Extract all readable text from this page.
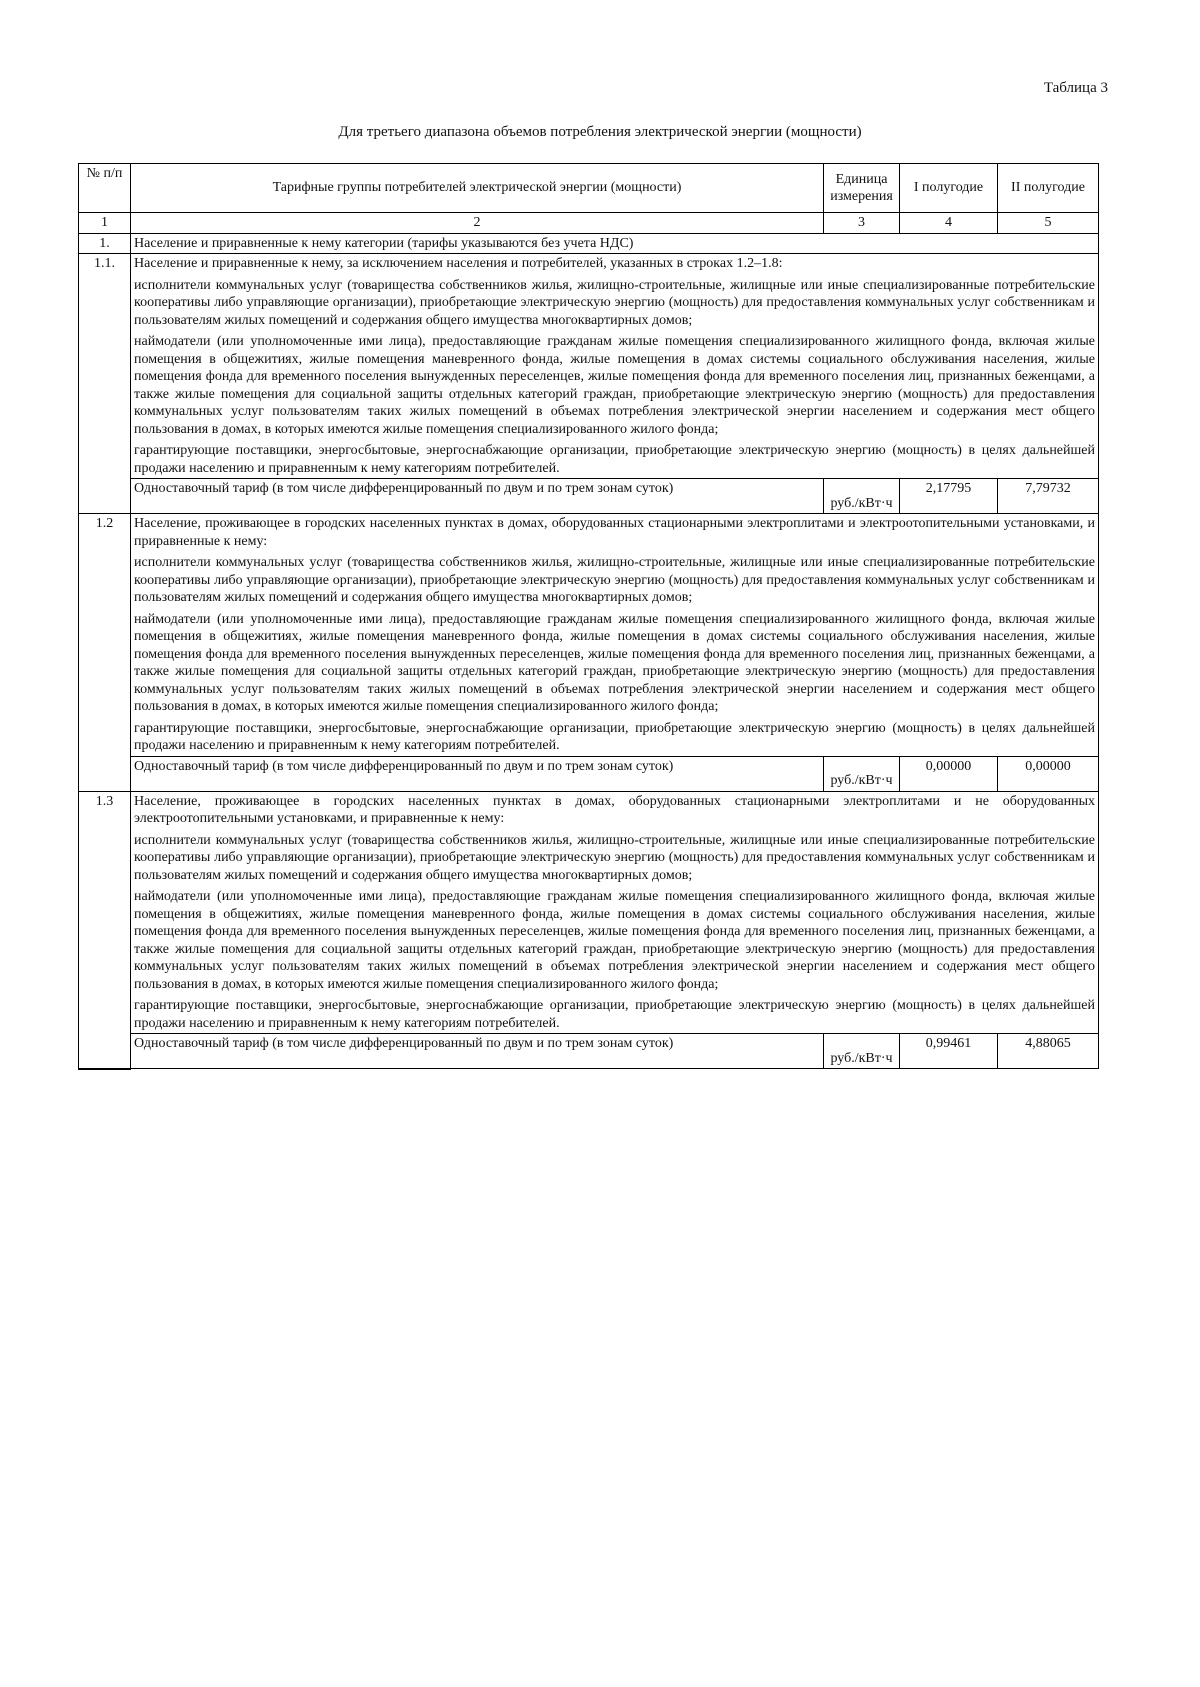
Таблица 3
Для третьего диапазона объемов потребления электрической энергии (мощности)
№ п/п	Тарифные группы потребителей электрической энергии (мощности)	Единица измерения	I полугодие	II полугодие
1	2	3	4	5
1.	Население и приравненные к нему категории (тарифы указываются без учета НДС)			
1.1.	Население и приравненные к нему, за исключением населения и потребителей, указанных в строках 1.2–1.8:

исполнители коммунальных услуг (товарищества собственников жилья, жилищно-строительные, жилищные или иные специализированные потребительские кооперативы либо управляющие организации), приобретающие электрическую энергию (мощность) для предоставления коммунальных услуг собственникам и пользователям жилых помещений и содержания общего имущества многоквартирных домов;

наймодатели (или уполномоченные ими лица), предоставляющие гражданам жилые помещения специализированного жилищного фонда, включая жилые помещения в общежитиях, жилые помещения маневренного фонда, жилые помещения в домах системы социального обслуживания населения, жилые помещения фонда для временного поселения вынужденных переселенцев, жилые помещения фонда для временного поселения лиц, признанных беженцами, а также жилые помещения для социальной защиты отдельных категорий граждан, приобретающие электрическую энергию (мощность) для предоставления коммунальных услуг пользователям таких жилых помещений в объемах потребления электрической энергии населением и содержания мест общего пользования в домах, в которых имеются жилые помещения специализированного жилого фонда;

гарантирующие поставщики, энергосбытовые, энергоснабжающие организации, приобретающие электрическую энергию (мощность) в целях дальнейшей продажи населению и приравненным к нему категориям потребителей.			

	Одноставочный тариф (в том числе дифференцированный по двум и по трем зонам суток)	руб./кВт·ч	2,17795	7,79732
1.2	Население, проживающее в городских населенных пунктах в домах, оборудованных стационарными электроплитами и электроотопительными установками, и приравненные к нему:

исполнители коммунальных услуг (товарищества собственников жилья, жилищно-строительные, жилищные или иные специализированные потребительские кооперативы либо управляющие организации), приобретающие электрическую энергию (мощность) для предоставления коммунальных услуг собственникам и пользователям жилых помещений и содержания общего имущества многоквартирных домов;

наймодатели (или уполномоченные ими лица), предоставляющие гражданам жилые помещения специализированного жилищного фонда, включая жилые помещения в общежитиях, жилые помещения маневренного фонда, жилые помещения в домах системы социального обслуживания населения, жилые помещения фонда для временного поселения вынужденных переселенцев, жилые помещения фонда для временного поселения лиц, признанных беженцами, а также жилые помещения для социальной защиты отдельных категорий граждан, приобретающие электрическую энергию (мощность) для предоставления коммунальных услуг пользователям таких жилых помещений в объемах потребления электрической энергии населением и содержания мест общего пользования в домах, в которых имеются жилые помещения специализированного жилого фонда;

гарантирующие поставщики, энергосбытовые, энергоснабжающие организации, приобретающие электрическую энергию (мощность) в целях дальнейшей продажи населению и приравненным к нему категориям потребителей.			

	Одноставочный тариф (в том числе дифференцированный по двум и по трем зонам суток)	руб./кВт·ч	0,00000	0,00000
1.3	Население, проживающее в городских населенных пунктах в домах, оборудованных стационарными электроплитами и не оборудованных электроотопительными установками, и приравненные к нему:

исполнители коммунальных услуг (товарищества собственников жилья, жилищно-строительные, жилищные или иные специализированные потребительские кооперативы либо управляющие организации), приобретающие электрическую энергию (мощность) для предоставления коммунальных услуг собственникам и пользователям жилых помещений и содержания общего имущества многоквартирных домов;

наймодатели (или уполномоченные ими лица), предоставляющие гражданам жилые помещения специализированного жилищного фонда, включая жилые помещения в общежитиях, жилые помещения маневренного фонда, жилые помещения в домах системы социального обслуживания населения, жилые помещения фонда для временного поселения вынужденных переселенцев, жилые помещения фонда для временного поселения лиц, признанных беженцами, а также жилые помещения для социальной защиты отдельных категорий граждан, приобретающие электрическую энергию (мощность) для предоставления коммунальных услуг пользователям таких жилых помещений в объемах потребления электрической энергии населением и содержания мест общего пользования в домах, в которых имеются жилые помещения специализированного жилого фонда;

гарантирующие поставщики, энергосбытовые, энергоснабжающие организации, приобретающие электрическую энергию (мощность) в целях дальнейшей продажи населению и приравненным к нему категориям потребителей.			

	Одноставочный тариф (в том числе дифференцированный по двум и по трем зонам суток)	руб./кВт·ч	0,99461	4,88065
